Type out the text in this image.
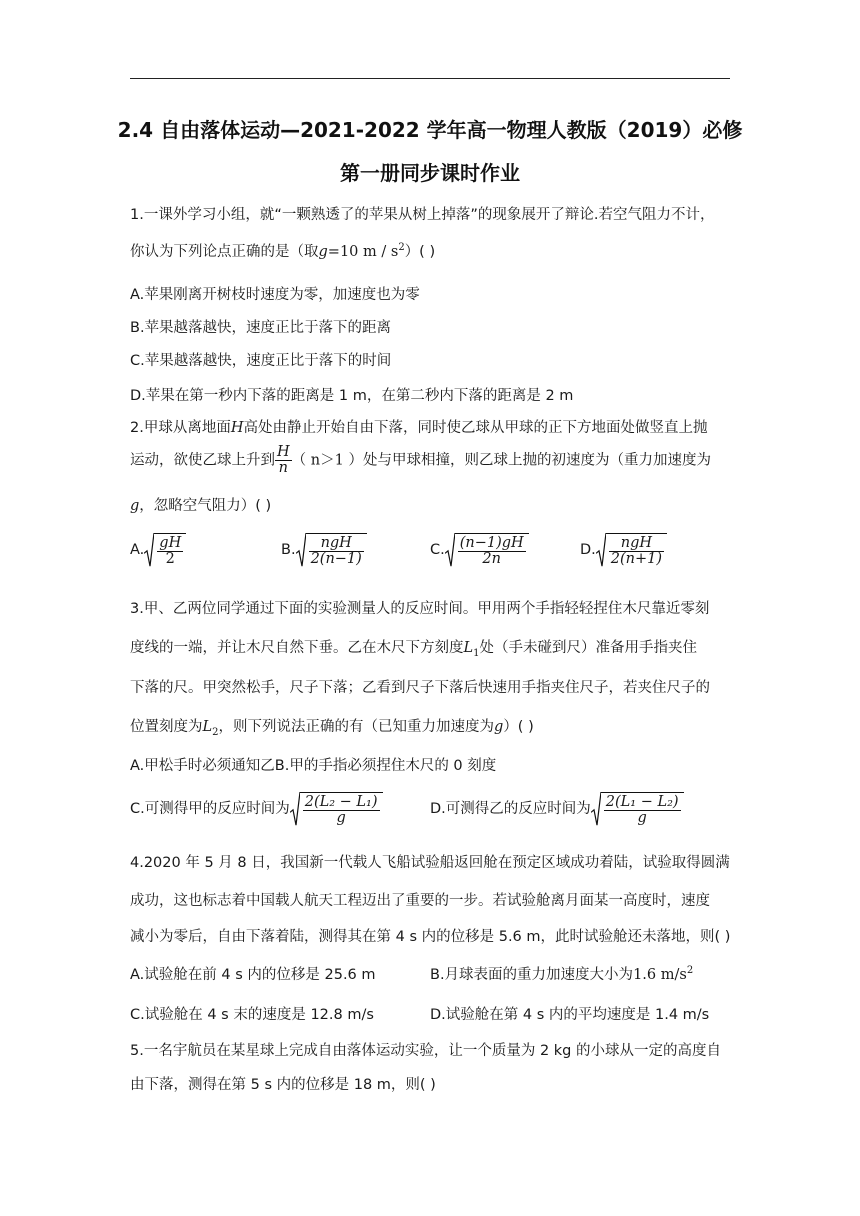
2.4 自由落体运动—2021-2022 学年高一物理人教版（2019）必修
第一册同步课时作业
1.一课外学习小组，就“一颗熟透了的苹果从树上掉落”的现象展开了辩论.若空气阻力不计，
你认为下列论点正确的是（取g=10 m / $s^2$）( )
A.苹果刚离开树枝时速度为零，加速度也为零
B.苹果越落越快，速度正比于落下的距离
C.苹果越落越快，速度正比于落下的时间
D.苹果在第一秒内下落的距离是 1 m，在第二秒内下落的距离是 2 m
2.甲球从离地面H高处由静止开始自由下落，同时使乙球从甲球的正下方地面处做竖直上抛
运动，欲使乙球上升到 $\frac{H}{n}$ （ n＞1 ）处与甲球相撞，则乙球上抛的初速度为（重力加速度为
g，忽略空气阻力）( )
A. $\frac{gH}{2}$	B. $\frac{\text{ngH}}{2(n-1)}$	C. $\frac{(n-1)gH}{2n}$	D. $\frac{\text{ngH}}{2(n+1)}$
3.甲、乙两位同学通过下面的实验测量人的反应时间。甲用两个手指轻轻捏住木尺靠近零刻
度线的一端，并让木尺自然下垂。乙在木尺下方刻度$L_1$处（手未碰到尺）准备用手指夹住
下落的尺。甲突然松手，尺子下落；乙看到尺子下落后快速用手指夹住尺子，若夹住尺子的
位置刻度为$L_2$，则下列说法正确的有（已知重力加速度为g）( )
A.甲松手时必须通知乙B.甲的手指必须捏住木尺的 0 刻度
C.可测得甲的反应时间为 $\frac{\text{2(L₂ − L₁)}}{g}$	D.可测得乙的反应时间为 $\frac{\text{2(L₁ − L₂)}}{g}$
4.2020 年 5 月 8 日，我国新一代载人飞船试验船返回舱在预定区域成功着陆，试验取得圆满
成功，这也标志着中国载人航天工程迈出了重要的一步。若试验舱离月面某一高度时，速度
减小为零后，自由下落着陆，测得其在第 4 s 内的位移是 5.6 m，此时试验舱还未落地，则( )
A.试验舱在前 4 s 内的位移是 25.6 m	B.月球表面的重力加速度大小为1.6 $m/s^2$
C.试验舱在 4 s 末的速度是 12.8 m/s	D.试验舱在第 4 s 内的平均速度是 1.4 m/s
5.一名宇航员在某星球上完成自由落体运动实验，让一个质量为 2 kg 的小球从一定的高度自
由下落，测得在第 5 s 内的位移是 18 m，则( )
